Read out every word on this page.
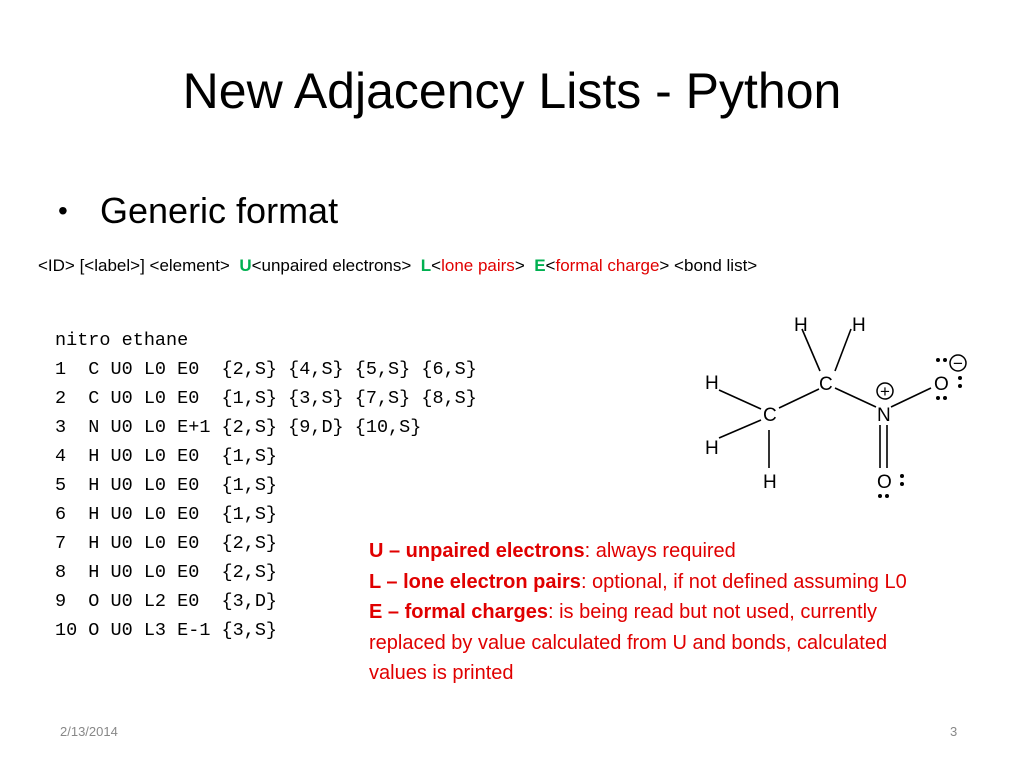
New Adjacency Lists - Python
• Generic format
<ID> [<label>] <element>  U<unpaired electrons>  L<lone pairs>  E<formal charge> <bond list>
nitro ethane
1  C U0 L0 E0  {2,S} {4,S} {5,S} {6,S}
2  C U0 L0 E0  {1,S} {3,S} {7,S} {8,S}
3  N U0 L0 E+1 {2,S} {9,D} {10,S}
4  H U0 L0 E0  {1,S}
5  H U0 L0 E0  {1,S}
6  H U0 L0 E0  {1,S}
7  H U0 L0 E0  {2,S}
8  H U0 L0 E0  {2,S}
9  O U0 L2 E0  {3,D}
10 O U0 L3 E-1 {3,S}
H H
C
H
C	N
O
H
H	O
+
−
U – unpaired electrons: always required
L – lone electron pairs: optional, if not defined assuming L0
E – formal charges: is being read but not used, currently
replaced by value calculated from U and bonds, calculated
values is printed
2/13/2014	3
